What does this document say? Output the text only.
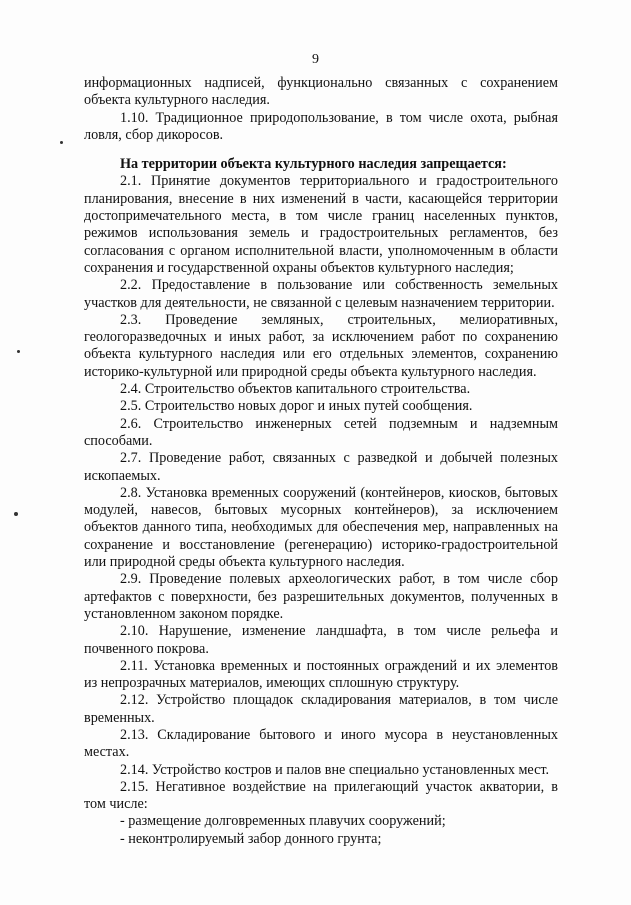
9

информационных надписей, функционально связанных с сохранением объекта культурного наследия.

1.10. Традиционное природопользование, в том числе охота, рыбная ловля, сбор дикоросов.

На территории объекта культурного наследия запрещается:

2.1. Принятие документов территориального и градостроительного планирования, внесение в них изменений в части, касающейся территории достопримечательного места, в том числе границ населенных пунктов, режимов использования земель и градостроительных регламентов, без согласования с органом исполнительной власти, уполномоченным в области сохранения и государственной охраны объектов культурного наследия;

2.2. Предоставление в пользование или собственность земельных участков для деятельности, не связанной с целевым назначением территории.

2.3. Проведение земляных, строительных, мелиоративных, геологоразведочных и иных работ, за исключением работ по сохранению объекта культурного наследия или его отдельных элементов, сохранению историко-культурной или природной среды объекта культурного наследия.

2.4. Строительство объектов капитального строительства.

2.5. Строительство новых дорог и иных путей сообщения.

2.6. Строительство инженерных сетей подземным и надземным способами.

2.7. Проведение работ, связанных с разведкой и добычей полезных ископаемых.

2.8. Установка временных сооружений (контейнеров, киосков, бытовых модулей, навесов, бытовых мусорных контейнеров), за исключением объектов данного типа, необходимых для обеспечения мер, направленных на сохранение и восстановление (регенерацию) историко-градостроительной или природной среды объекта культурного наследия.

2.9. Проведение полевых археологических работ, в том числе сбор артефактов с поверхности, без разрешительных документов, полученных в установленном законом порядке.

2.10. Нарушение, изменение ландшафта, в том числе рельефа и почвенного покрова.

2.11. Установка временных и постоянных ограждений и их элементов из непрозрачных материалов, имеющих сплошную структуру.

2.12. Устройство площадок складирования материалов, в том числе временных.

2.13. Складирование бытового и иного мусора в неустановленных местах.

2.14. Устройство костров и палов вне специально установленных мест.

2.15. Негативное воздействие на прилегающий участок акватории, в том числе:

- размещение долговременных плавучих сооружений;

- неконтролируемый забор донного грунта;
